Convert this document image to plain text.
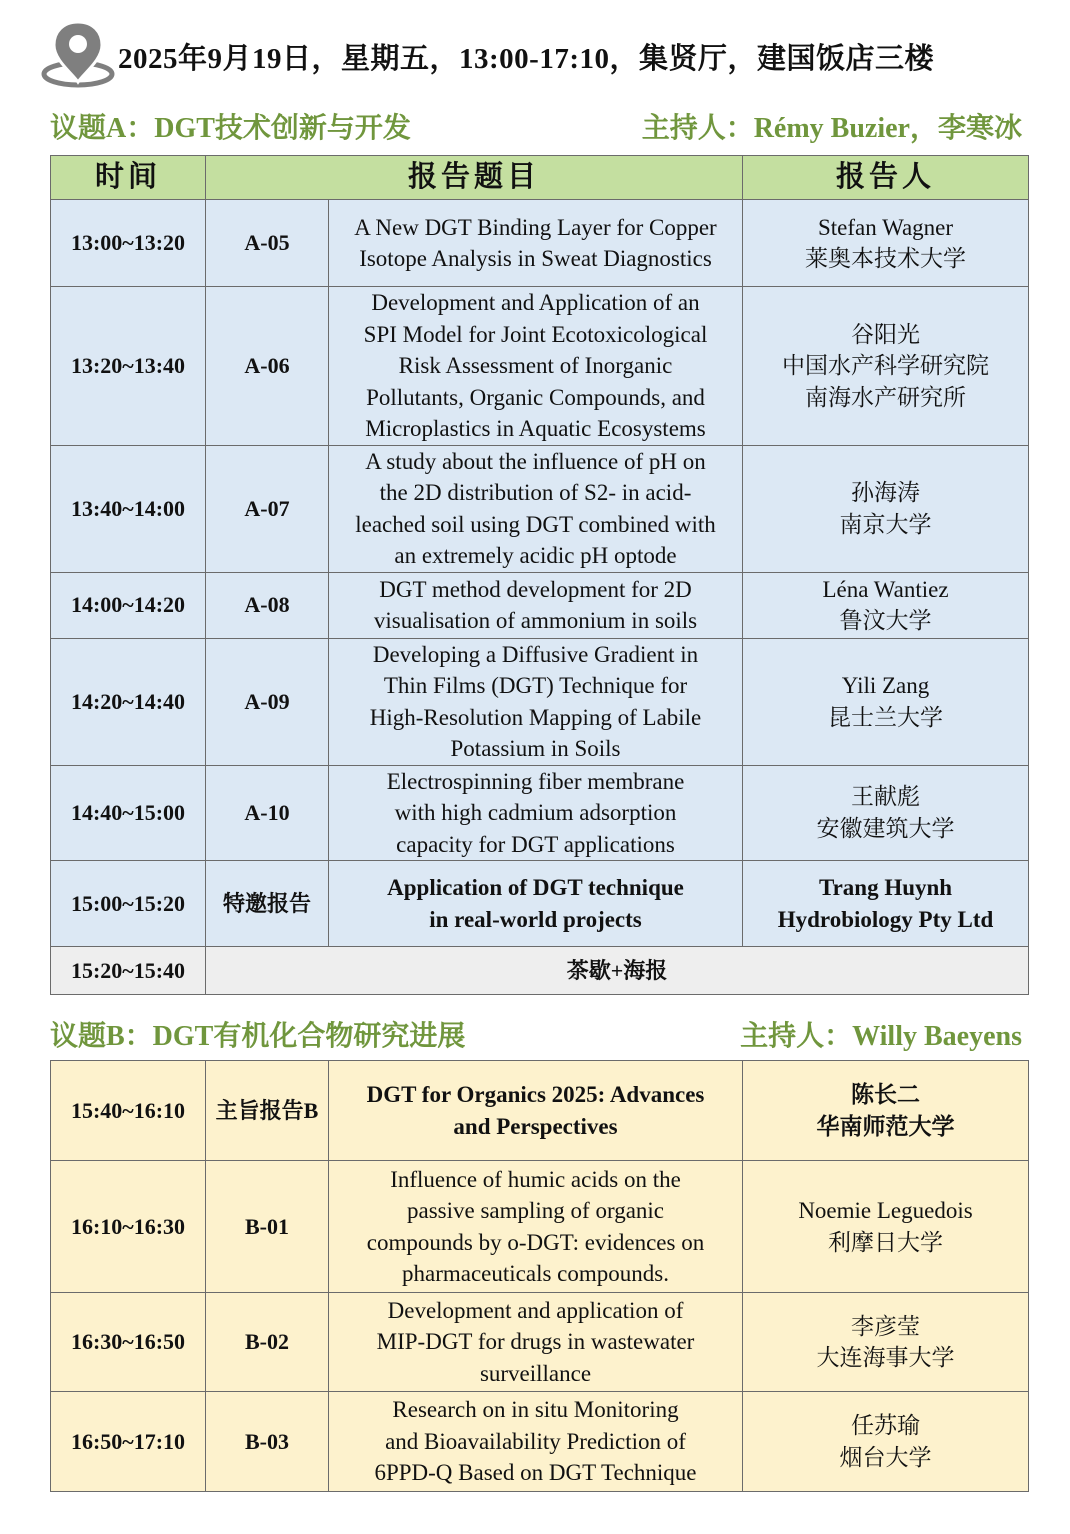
2025年9月19日，星期五，13:00-17:10，集贤厅，建国饭店三楼
议题A：DGT技术创新与开发	主持人：Rémy Buzier，李寒冰
时间	报告题目		报告人
13:00~13:20	A-05	A New DGT Binding Layer for Copper
Isotope Analysis in Sweat Diagnostics	Stefan Wagner
莱奥本技术大学

13:20~13:40	A-06	Development and Application of an
SPI Model for Joint Ecotoxicological
Risk Assessment of Inorganic
Pollutants, Organic Compounds, and
Microplastics in Aquatic Ecosystems	谷阳光
中国水产科学研究院
南海水产研究所

13:40~14:00	A-07	A study about the influence of pH on
the 2D distribution of S2- in acid-
leached soil using DGT combined with
an extremely acidic pH optode	孙海涛
南京大学

14:00~14:20	A-08	DGT method development for 2D
visualisation of ammonium in soils	Léna Wantiez
鲁汶大学

14:20~14:40	A-09	Developing a Diffusive Gradient in
Thin Films (DGT) Technique for
High-Resolution Mapping of Labile
Potassium in Soils	Yili Zang
昆士兰大学

14:40~15:00	A-10	Electrospinning fiber membrane
with high cadmium adsorption
capacity for DGT applications	王献彪
安徽建筑大学

15:00~15:20	特邀报告	Application of DGT technique
in real-world projects	Trang Huynh
Hydrobiology Pty Ltd

15:20~15:40	茶歇+海报		
议题B：DGT有机化合物研究进展	主持人：Willy Baeyens
15:40~16:10	主旨报告B	DGT for Organics 2025: Advances
and Perspectives	陈长二
华南师范大学

16:10~16:30	B-01	Influence of humic acids on the
passive sampling of organic
compounds by o-DGT: evidences on
pharmaceuticals compounds.	Noemie Leguedois
利摩日大学

16:30~16:50	B-02	Development and application of
MIP-DGT for drugs in wastewater
surveillance	李彦莹
大连海事大学

16:50~17:10	B-03	Research on in situ Monitoring
and Bioavailability Prediction of
6PPD-Q Based on DGT Technique	任苏瑜
烟台大学
